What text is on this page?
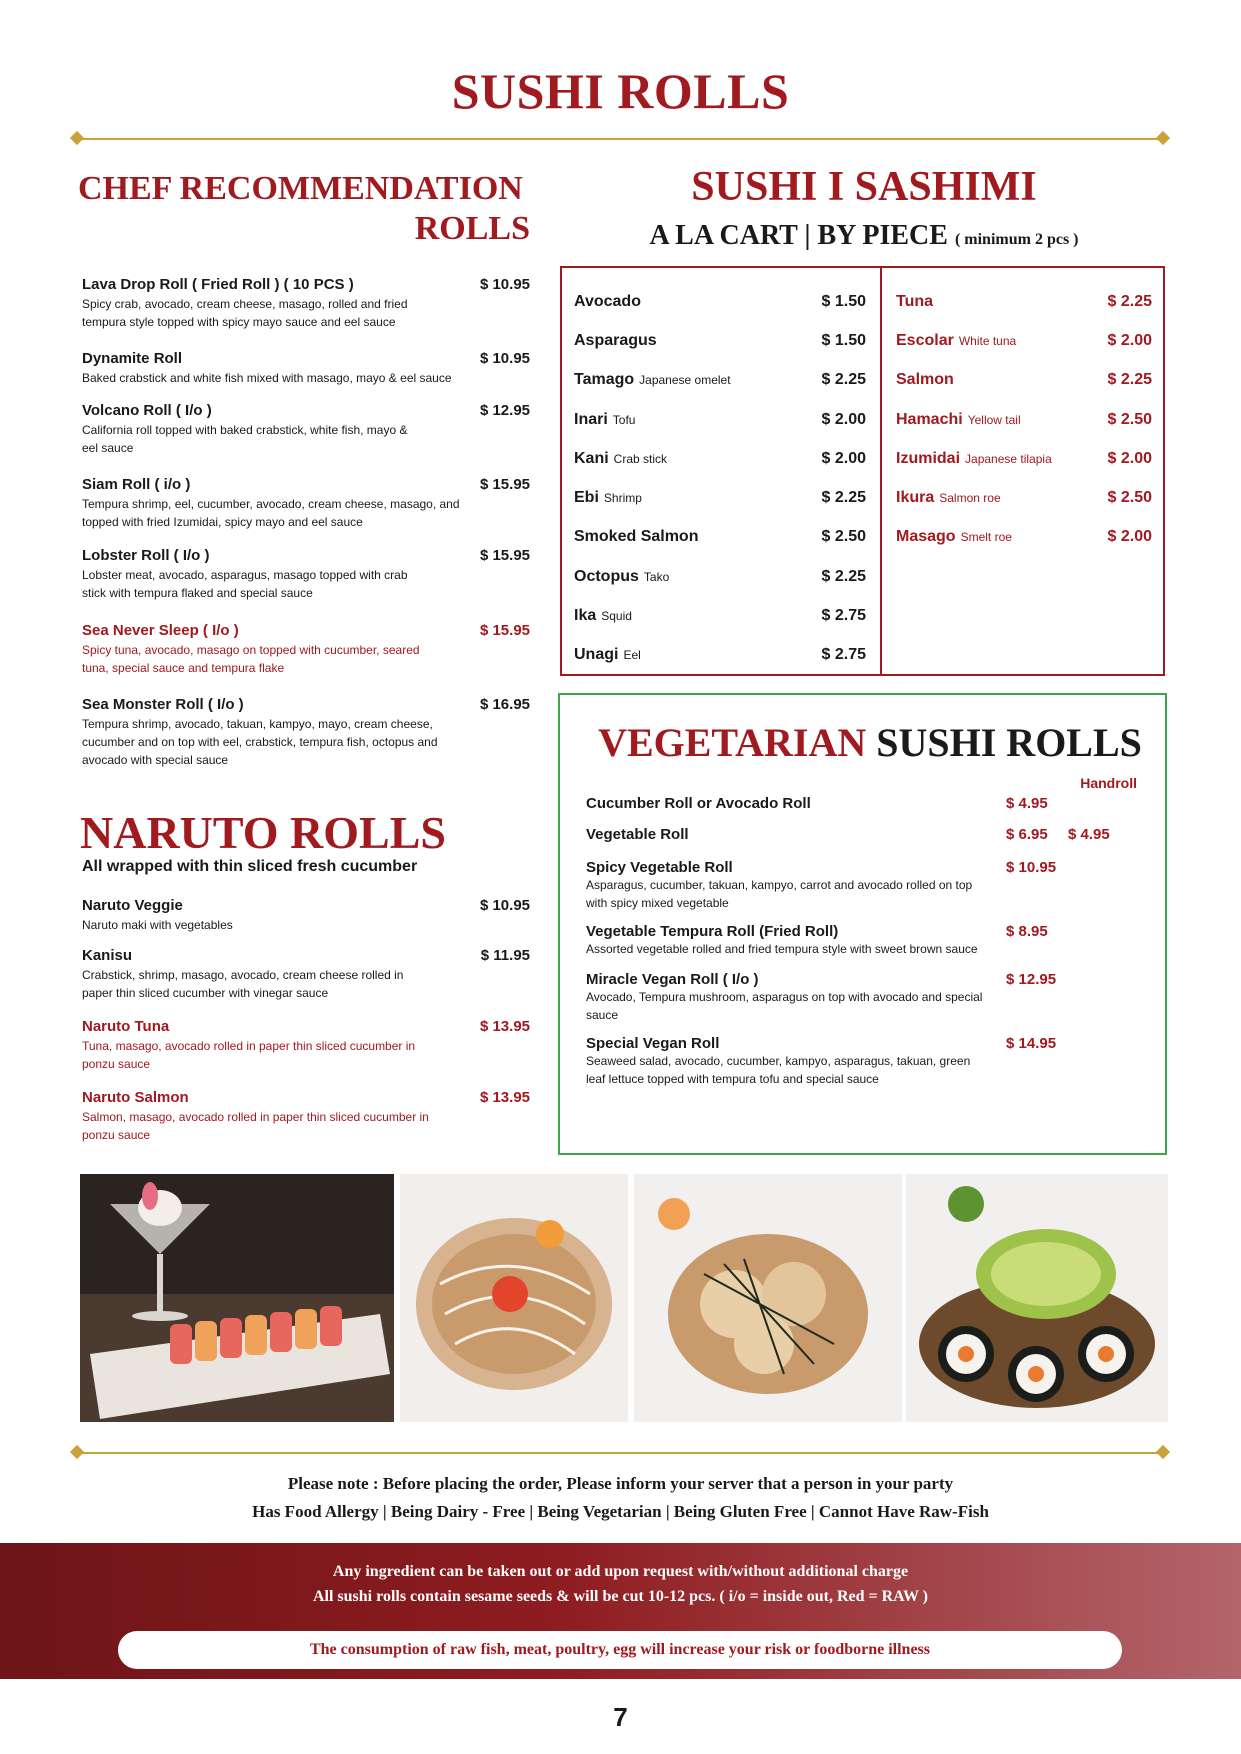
SUSHI ROLLS
CHEF RECOMMENDATION
ROLLS
Lava Drop Roll ( Fried Roll ) ( 10 PCS )	$ 10.95
Spicy crab, avocado, cream cheese, masago, rolled and fried tempura style topped with spicy mayo sauce and eel sauce
Dynamite Roll	$ 10.95
Baked crabstick and white fish mixed with masago, mayo & eel sauce
Volcano Roll ( I/o )	$ 12.95
California roll topped with baked crabstick, white fish, mayo & eel sauce
Siam Roll ( i/o )	$ 15.95
Tempura shrimp, eel, cucumber, avocado, cream cheese, masago, and topped with fried Izumidai, spicy mayo and eel sauce
Lobster Roll ( I/o )	$ 15.95
Lobster meat, avocado, asparagus, masago topped with crab stick with tempura flaked and special sauce
Sea Never Sleep ( I/o )	$ 15.95
Spicy tuna, avocado, masago on topped with cucumber, seared tuna, special sauce and tempura flake
Sea Monster Roll ( I/o )	$ 16.95
Tempura shrimp, avocado, takuan, kampyo, mayo, cream cheese, cucumber and on top with eel, crabstick, tempura fish, octopus and avocado with special sauce
NARUTO ROLLS
All wrapped with thin sliced fresh cucumber
Naruto Veggie	$ 10.95
Naruto maki with vegetables
Kanisu	$ 11.95
Crabstick, shrimp, masago, avocado, cream cheese rolled in paper thin sliced cucumber with vinegar sauce
Naruto Tuna	$ 13.95
Tuna, masago, avocado rolled in paper thin sliced cucumber in ponzu sauce
Naruto Salmon	$ 13.95
Salmon, masago, avocado rolled in paper thin sliced cucumber in ponzu sauce
SUSHI I SASHIMI
A LA CART | BY PIECE ( minimum 2 pcs )
Avocado	$ 1.50
Asparagus	$ 1.50
Tamago Japanese omelet	$ 2.25
Inari Tofu	$ 2.00
Kani Crab stick	$ 2.00
Ebi Shrimp	$ 2.25
Smoked Salmon	$ 2.50
Octopus Tako	$ 2.25
Ika Squid	$ 2.75
Unagi Eel	$ 2.75
Tuna	$ 2.25
Escolar White tuna	$ 2.00
Salmon	$ 2.25
Hamachi Yellow tail	$ 2.50
Izumidai Japanese tilapia	$ 2.00
Ikura Salmon roe	$ 2.50
Masago Smelt roe	$ 2.00
VEGETARIAN SUSHI ROLLS
Handroll
Cucumber Roll or Avocado Roll	$ 4.95
Vegetable Roll	$ 6.95 $ 4.95
Spicy Vegetable Roll	$ 10.95
Asparagus, cucumber, takuan, kampyo, carrot and avocado rolled on top with spicy mixed vegetable
Vegetable Tempura Roll (Fried Roll)	$ 8.95
Assorted vegetable rolled and fried tempura style with sweet brown sauce
Miracle Vegan Roll ( I/o )	$ 12.95
Avocado, Tempura mushroom, asparagus on top with avocado and special sauce
Special Vegan Roll	$ 14.95
Seaweed salad, avocado, cucumber, kampyo, asparagus, takuan, green leaf lettuce topped with tempura tofu and special sauce
Please note : Before placing the order, Please inform your server that a person in your party
Has Food Allergy | Being Dairy - Free | Being Vegetarian | Being Gluten Free | Cannot Have Raw-Fish
Any ingredient can be taken out or add upon request with/without additional charge
All sushi rolls contain sesame seeds & will be cut 10-12 pcs. ( i/o = inside out, Red = RAW )
The consumption of raw fish, meat, poultry, egg will increase your risk or foodborne illness
7
